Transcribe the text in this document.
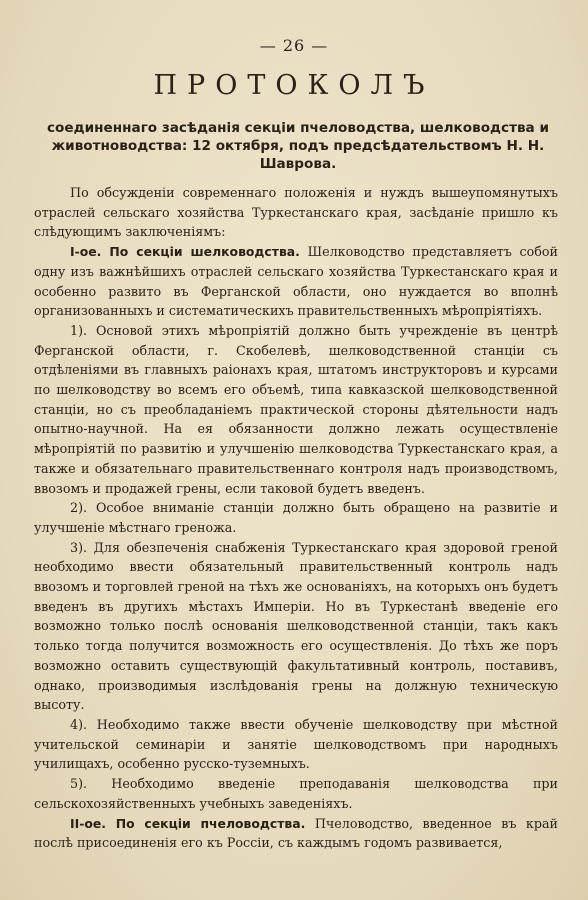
— 26 —
ПРОТОКОЛЪ
соединеннаго засѣданія секціи пчеловодства, шелководства и животноводства: 12 октября, подъ предсѣдательствомъ Н. Н. Шаврова.

По обсужденіи современнаго положенія и нуждъ вышеупомянутыхъ отраслей сельскаго хозяйства Туркестанскаго края, засѣданіе пришло къ слѣдующимъ заключеніямъ:

І-ое. По секціи шелководства. Шелководство представляетъ собой одну изъ важнѣйшихъ отраслей сельскаго хозяйства Туркестанскаго края и особенно развито въ Ферганской области, оно нуждается во вполнѣ организованныхъ и систематическихъ правительственныхъ мѣропріятіяхъ.

1). Основой этихъ мѣропріятій должно быть учрежденіе въ центрѣ Ферганской области, г. Скобелевѣ, шелководственной станціи съ отдѣленіями въ главныхъ раіонахъ края, штатомъ инструкторовъ и курсами по шелководству во всемъ его объемѣ, типа кавказской шелководственной станціи, но съ преобладаніемъ практической стороны дѣятельности надъ опытно-научной. На ея обязанности должно лежать осуществленіе мѣропріятій по развитію и улучшенію шелководства Туркестанскаго края, а также и обязательнаго правительственнаго контроля надъ производствомъ, ввозомъ и продажей грены, если таковой будетъ введенъ.

2). Особое вниманіе станціи должно быть обращено на развитіе и улучшеніе мѣстнаго греножа.

3). Для обезпеченія снабженія Туркестанскаго края здоровой греной необходимо ввести обязательный правительственный контроль надъ ввозомъ и торговлей греной на тѣхъ же основаніяхъ, на которыхъ онъ будетъ введенъ въ другихъ мѣстахъ Имперіи. Но въ Туркестанѣ введеніе его возможно только послѣ основанія шелководственной станціи, такъ какъ только тогда получится возможность его осуществленія. До тѣхъ же поръ возможно оставить существующій факультативный контроль, поставивъ, однако, производимыя изслѣдованія грены на должную техническую высоту.

4). Необходимо также ввести обученіе шелководству при мѣстной учительской семинаріи и занятіе шелководствомъ при народныхъ училищахъ, особенно русско-туземныхъ.

5). Необходимо введеніе преподаванія шелководства при сельскохозяйственныхъ учебныхъ заведеніяхъ.

ІІ-ое. По секціи пчеловодства. Пчеловодство, введенное въ край послѣ присоединенія его къ Россіи, съ каждымъ годомъ развивается,
